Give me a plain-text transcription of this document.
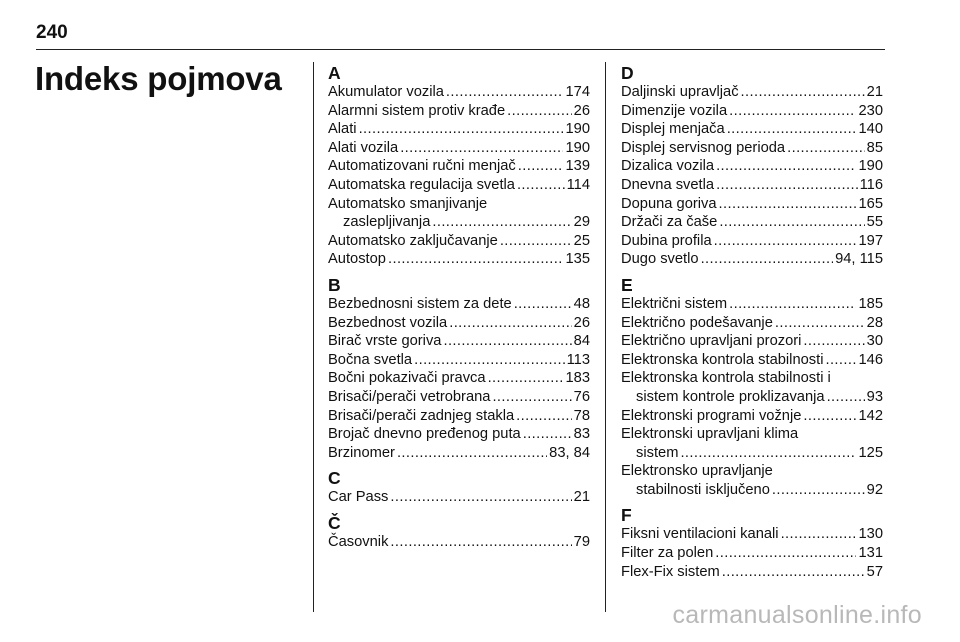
240
Indeks pojmova	A
Akumulator vozila .....	174
Alarmni sistem protiv krađe .....	26
Alati .....	190
Alati vozila .....	190
Automatizovani ručni menjač .....	139
Automatska regulacija svetla .....	114
Automatsko smanjivanje
zaslepljivanja .....	29
Automatsko zaključavanje .....	25
Autostop .....	135
B
Bezbednosni sistem za dete .....	48
Bezbednost vozila .....	26
Birač vrste goriva .....	84
Bočna svetla .....	113
Bočni pokazivači pravca .....	183
Brisači/perači vetrobrana .....	76
Brisači/perači zadnjeg stakla .....	78
Brojač dnevno pređenog puta .....	83
Brzinomer .....	83, 84
C
Car Pass .....	21
Č
Časovnik .....	79
D
Daljinski upravljač .....	21
Dimenzije vozila .....	230
Displej menjača .....	140
Displej servisnog perioda .....	85
Dizalica vozila .....	190
Dnevna svetla .....	116
Dopuna goriva .....	165
Držači za čaše .....	55
Dubina profila .....	197
Dugo svetlo .....	94, 115
E
Električni sistem .....	185
Električno podešavanje .....	28
Električno upravljani prozori .....	30
Elektronska kontrola stabilnosti ..... 146
Elektronska kontrola stabilnosti i
sistem kontrole proklizavanja .....	93
Elektronski programi vožnje .....	142
Elektronski upravljani klima
sistem .....	125
Elektronsko upravljanje
stabilnosti isključeno .....	92
F
Fiksni ventilacioni kanali .....	130
Filter za polen .....	131
Flex-Fix sistem .....	57
carmanualsonline.info
